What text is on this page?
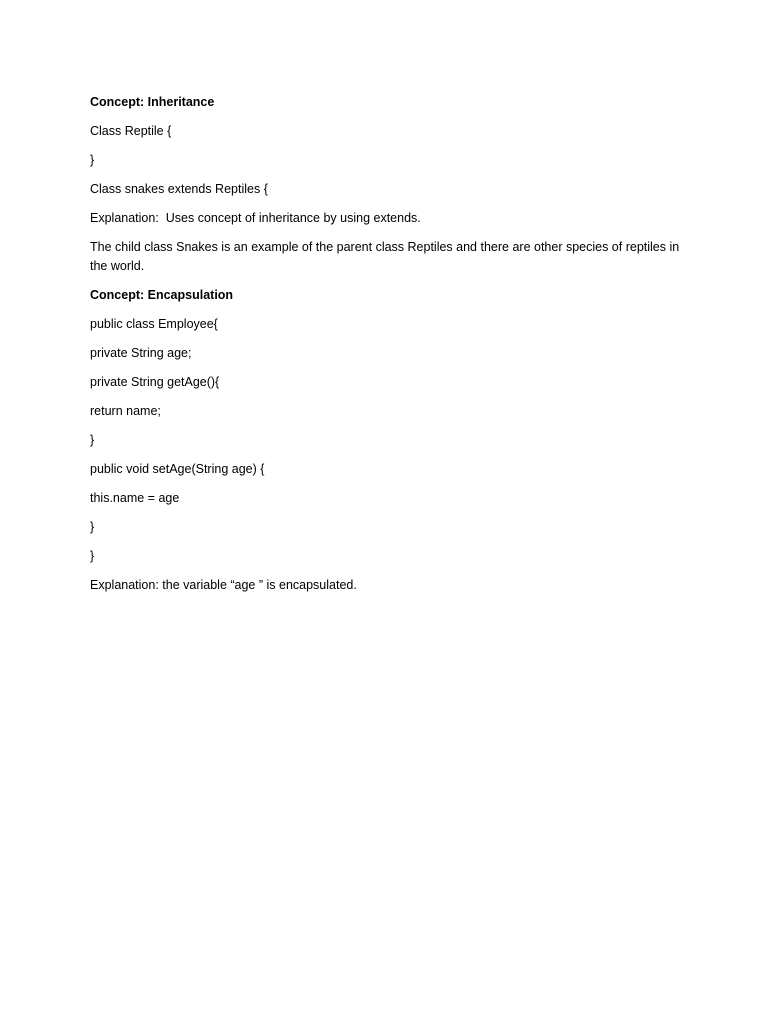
Concept: Inheritance
Class Reptile {
}
Class snakes extends Reptiles {
Explanation:  Uses concept of inheritance by using extends.
The child class Snakes is an example of the parent class Reptiles and there are other species of reptiles in the world.
Concept: Encapsulation
public class Employee{
private String age;
private String getAge(){
return name;
}
public void setAge(String age) {
this.name = age
}
}
Explanation: the variable “age ” is encapsulated.
